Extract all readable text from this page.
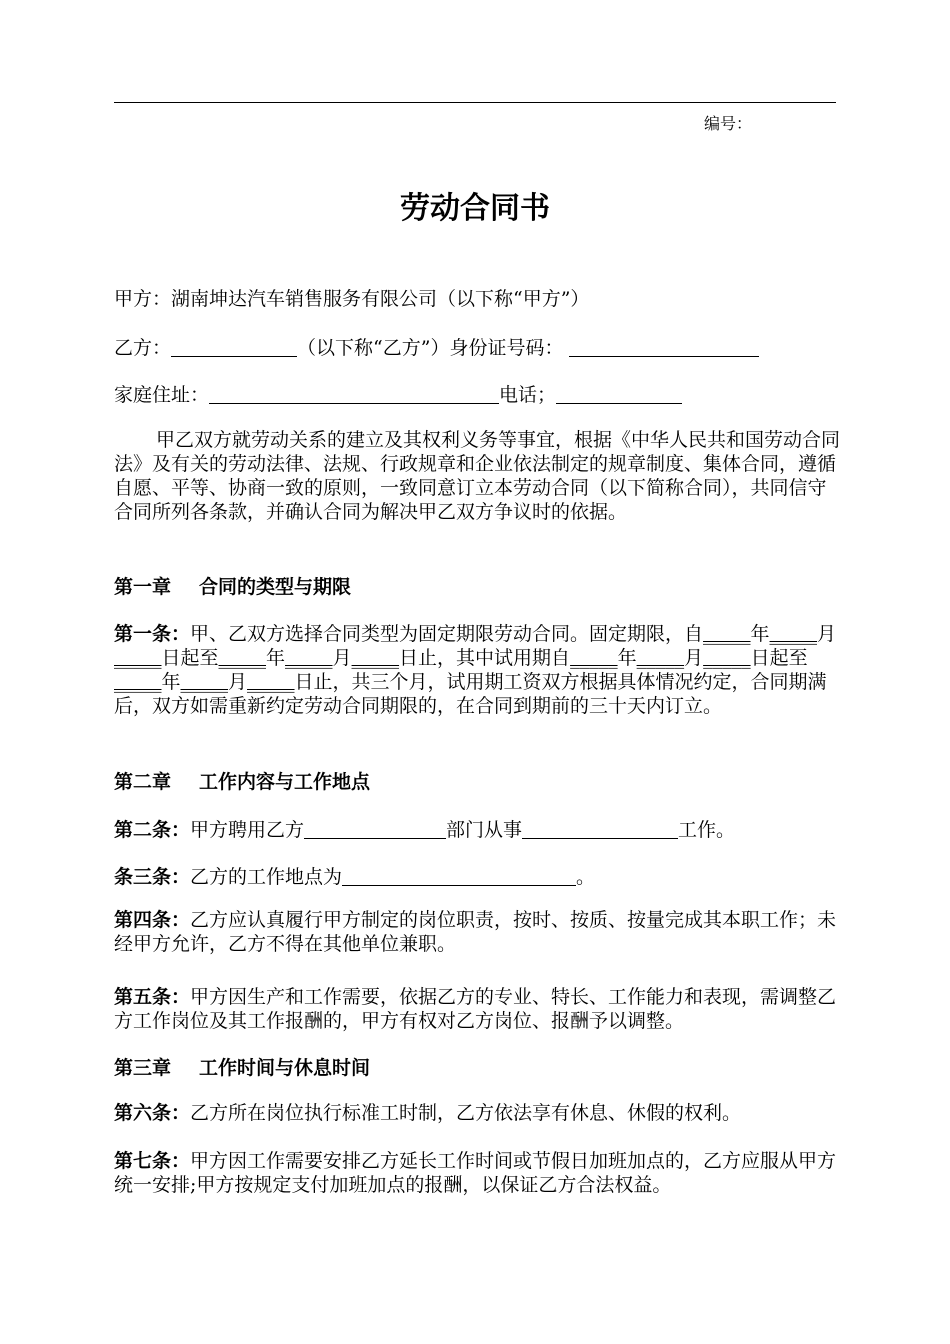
编号：
劳动合同书
甲方：湖南坤达汽车销售服务有限公司（以下称“甲方”）
乙方：	（以下称“乙方”）身份证号码：
家庭住址：	电话；

甲乙双方就劳动关系的建立及其权利义务等事宜，根据《中华人民共和国劳动合同法》及有关的劳动法律、法规、行政规章和企业依法制定的规章制度、集体合同，遵循自愿、平等、协商一致的原则，一致同意订立本劳动合同（以下简称合同），共同信守合同所列各条款，并确认合同为解决甲乙双方争议时的依据。

第一章 合同的类型与期限

第一条：甲、乙双方选择合同类型为固定期限劳动合同。固定期限，自_____年_____月_____日起至_____年_____月_____日止，其中试用期自_____年_____月_____日起至_____年_____月_____日止，共三个月，试用期工资双方根据具体情况约定，合同期满后，双方如需重新约定劳动合同期限的，在合同到期前的三十天内订立。

第二章 工作内容与工作地点
第二条：甲方聘用乙方	部门从事	工作。
条三条：乙方的工作地点为	。

第四条：乙方应认真履行甲方制定的岗位职责，按时、按质、按量完成其本职工作；未经甲方允许，乙方不得在其他单位兼职。

第五条：甲方因生产和工作需要，依据乙方的专业、特长、工作能力和表现，需调整乙方工作岗位及其工作报酬的，甲方有权对乙方岗位、报酬予以调整。

第三章 工作时间与休息时间

第六条：乙方所在岗位执行标准工时制，乙方依法享有休息、休假的权利。

第七条：甲方因工作需要安排乙方延长工作时间或节假日加班加点的，乙方应服从甲方统一安排;甲方按规定支付加班加点的报酬，以保证乙方合法权益。
